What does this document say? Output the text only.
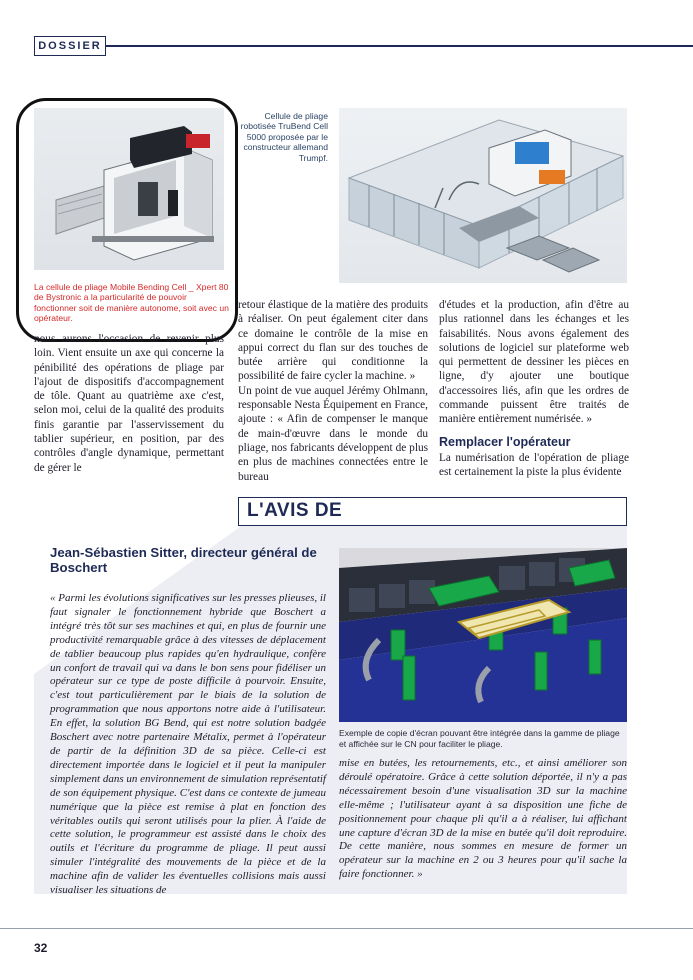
DOSSIER
Cellule de pliage robotisée TruBend Cell 5000 proposée par le constructeur allemand Trumpf.
La cellule de pliage Mobile Bending Cell _ Xpert 80 de Bystronic a la particularité de pouvoir fonctionner soit de manière autonome, soit avec un opérateur.

nous aurons l'occasion de revenir plus loin. Vient ensuite un axe qui concerne la pénibilité des opérations de pliage par l'ajout de dispositifs d'accompagnement de tôle. Quant au quatrième axe c'est, selon moi, celui de la qualité des produits finis garantie par l'asservissement du tablier supérieur, en position, par des contrôles d'angle dynamique, permettant de gérer le

retour élastique de la matière des produits à réaliser. On peut également citer dans ce domaine le contrôle de la mise en appui correct du flan sur des touches de butée arrière qui conditionne la possibilité de faire cycler la machine. »

Un point de vue auquel Jérémy Ohlmann, responsable Nesta Équipement en France, ajoute : « Afin de compenser le manque de main-d'œuvre dans le monde du pliage, nos fabricants développent de plus en plus de machines connectées entre le bureau

d'études et la production, afin d'être au plus rationnel dans les échanges et les faisabilités. Nous avons également des solutions de logiciel sur plateforme web qui permettent de dessiner les pièces en ligne, d'y ajouter une boutique d'accessoires liés, afin que les ordres de commande puissent être traités de manière entièrement numérisée. »

Remplacer l'opérateur

La numérisation de l'opération de pliage est certainement la piste la plus évidente

L'AVIS DE
Jean-Sébastien Sitter, directeur général de Boschert
Exemple de copie d'écran pouvant être intégrée dans la gamme de pliage et affichée sur le CN pour faciliter le pliage.
« Parmi les évolutions significatives sur les presses plieuses, il faut signaler le fonctionnement hybride que Boschert a intégré très tôt sur ses machines et qui, en plus de fournir une productivité remarquable grâce à des vitesses de déplacement de tablier beaucoup plus rapides qu'en hydraulique, confère un confort de travail qui va dans le bon sens pour fidéliser un opérateur sur ce type de poste difficile à pourvoir. Ensuite, c'est tout particulièrement par le biais de la solution de programmation que nous apportons notre aide à l'utilisateur. En effet, la solution BG Bend, qui est notre solution badgée Boschert avec notre partenaire Métalix, permet à l'opérateur de partir de la définition 3D de sa pièce. Celle-ci est directement importée dans le logiciel et il peut la manipuler simplement dans un environnement de simulation représentatif de son équipement physique. C'est dans ce contexte de jumeau numérique que la pièce est remise à plat en fonction des véritables outils qui seront utilisés pour la plier. À l'aide de cette solution, le programmeur est assisté dans le choix des outils et l'écriture du programme de pliage. Il peut aussi simuler l'intégralité des mouvements de la pièce et de la machine afin de valider les éventuelles collisions mais aussi visualiser les situations de
mise en butées, les retournements, etc., et ainsi améliorer son déroulé opératoire. Grâce à cette solution déportée, il n'y a pas nécessairement besoin d'une visualisation 3D sur la machine elle-même ; l'utilisateur ayant à sa disposition une fiche de positionnement pour chaque pli qu'il a à réaliser, lui affichant une capture d'écran 3D de la mise en butée qu'il doit reproduire. De cette manière, nous sommes en mesure de former un opérateur sur la machine en 2 ou 3 heures pour qu'il sache la faire fonctionner. »
32
